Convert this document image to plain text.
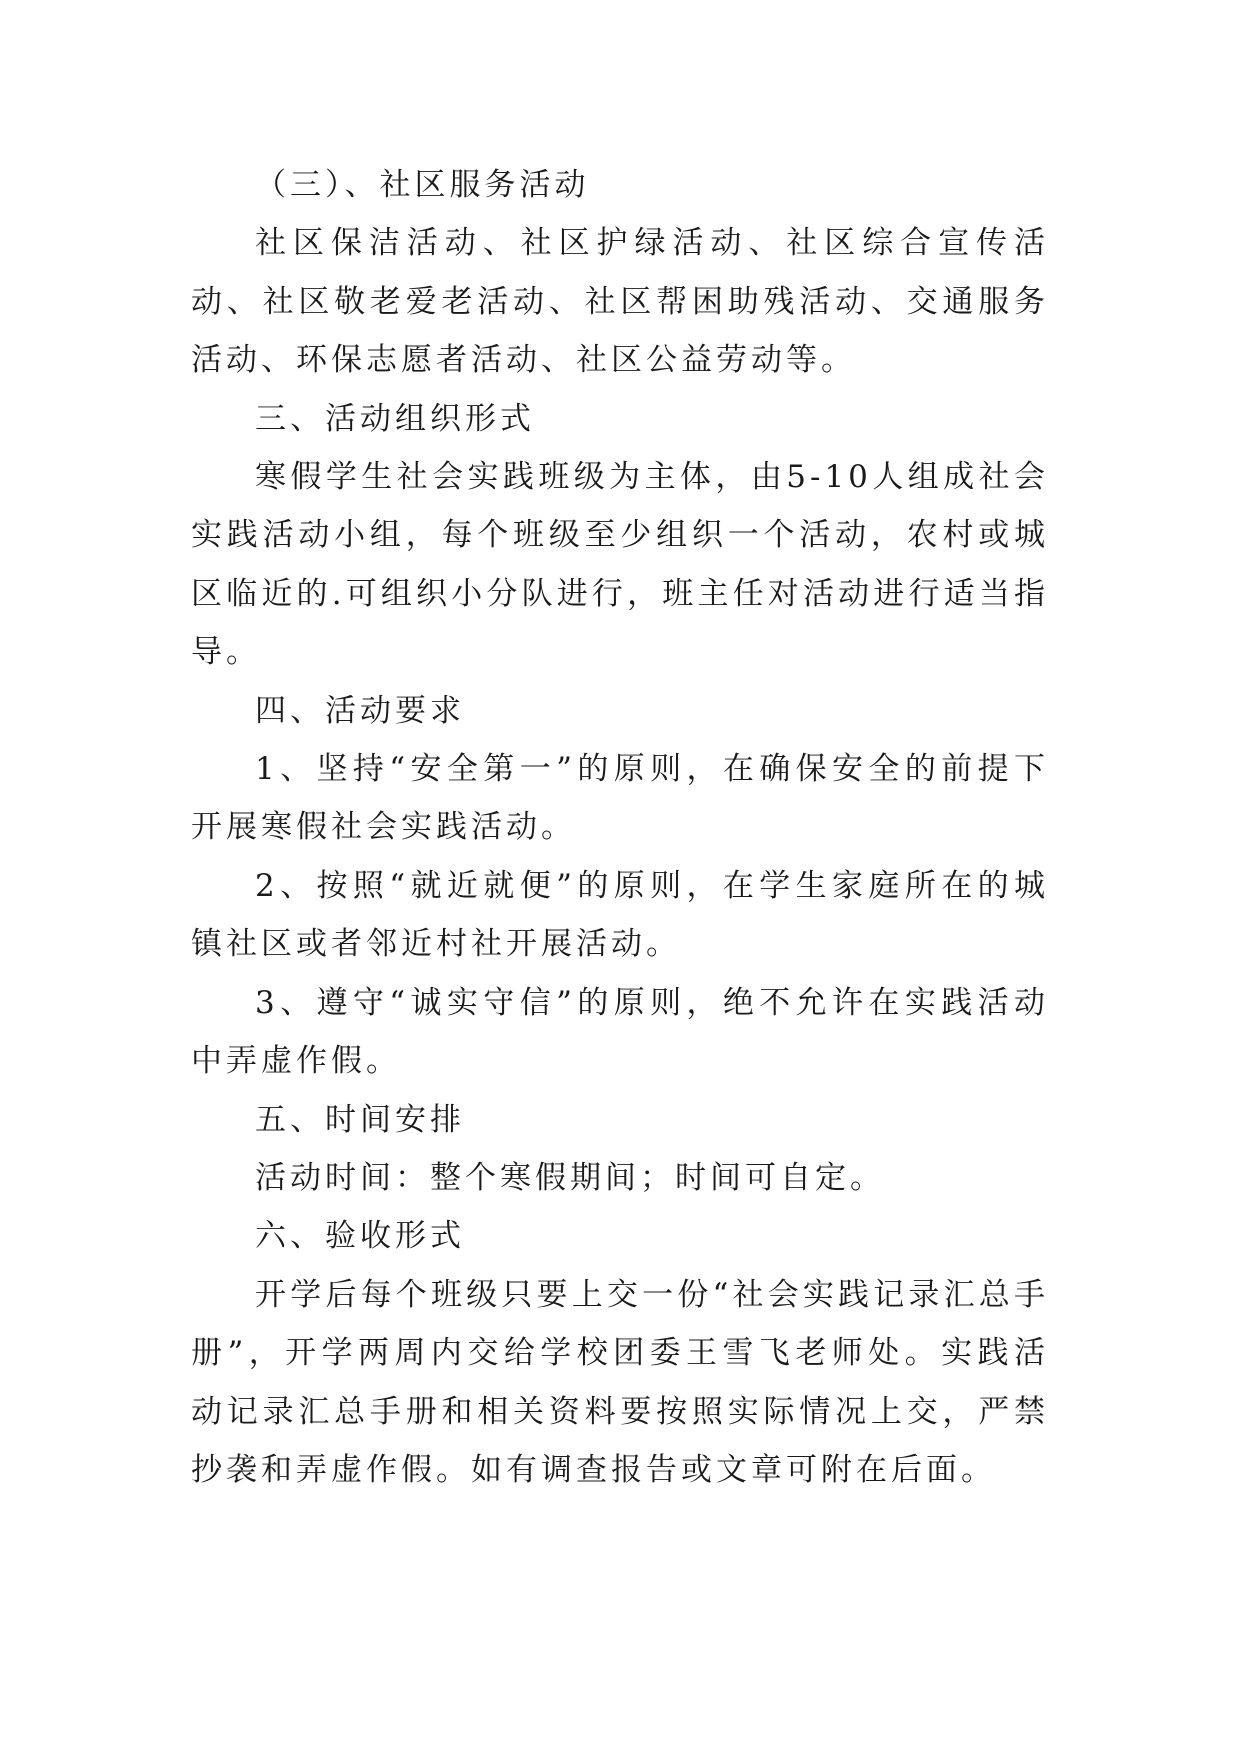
（三）、社区服务活动

社区保洁活动、社区护绿活动、社区综合宣传活动、社区敬老爱老活动、社区帮困助残活动、交通服务活动、环保志愿者活动、社区公益劳动等。

三、活动组织形式

寒假学生社会实践班级为主体，由5-10人组成社会实践活动小组，每个班级至少组织一个活动，农村或城区临近的.可组织小分队进行，班主任对活动进行适当指导。

四、活动要求

1、坚持“安全第一”的原则，在确保安全的前提下开展寒假社会实践活动。

2、按照“就近就便”的原则，在学生家庭所在的城镇社区或者邻近村社开展活动。

3、遵守“诚实守信”的原则，绝不允许在实践活动中弄虚作假。

五、时间安排

活动时间：整个寒假期间；时间可自定。

六、验收形式

开学后每个班级只要上交一份“社会实践记录汇总手册”，开学两周内交给学校团委王雪飞老师处。实践活动记录汇总手册和相关资料要按照实际情况上交，严禁抄袭和弄虚作假。如有调查报告或文章可附在后面。
